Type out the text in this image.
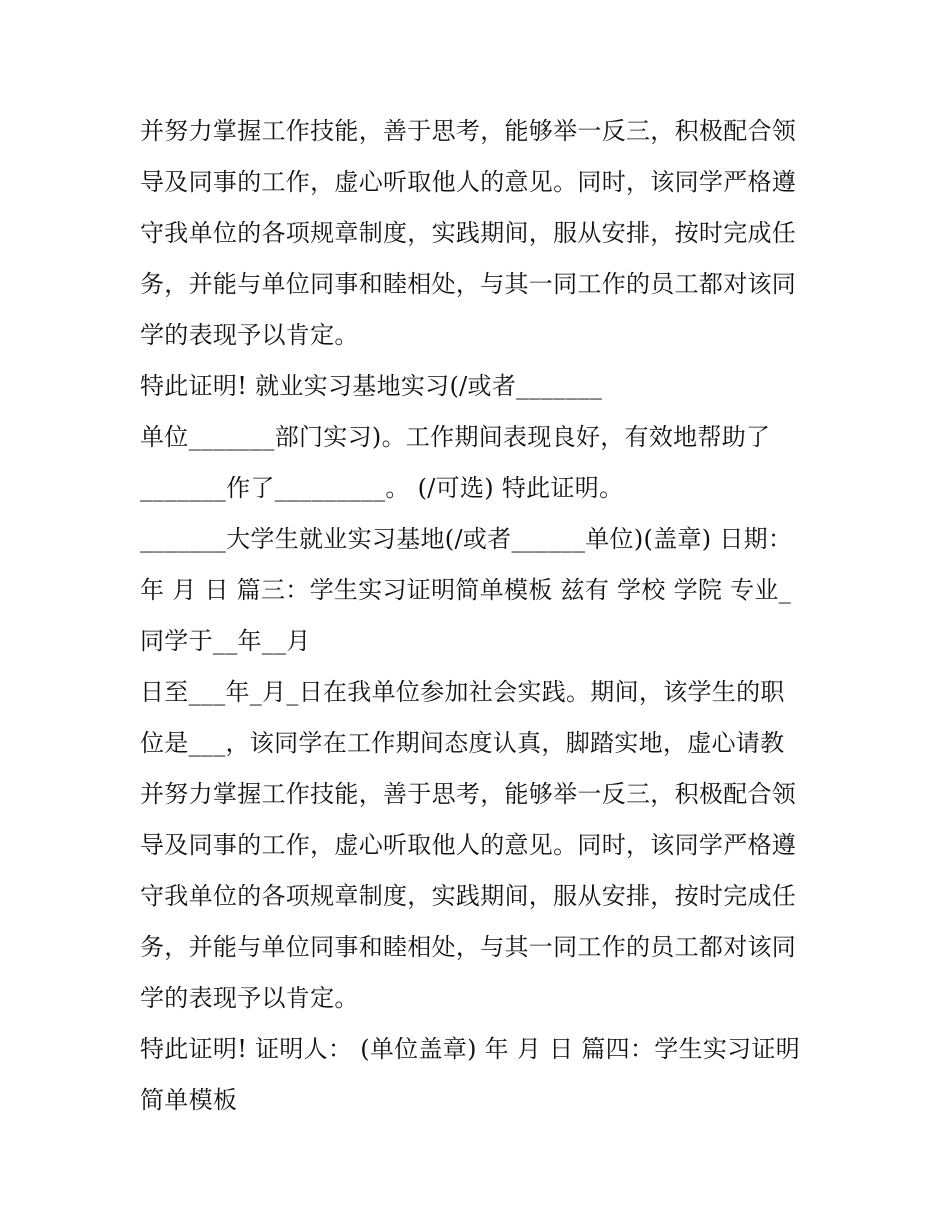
并努力掌握工作技能，善于思考，能够举一反三，积极配合领
导及同事的工作，虚心听取他人的意见。同时，该同学严格遵
守我单位的各项规章制度，实践期间，服从安排，按时完成任
务，并能与单位同事和睦相处，与其一同工作的员工都对该同
学的表现予以肯定。
特此证明! 就业实习基地实习(/或者_______
单位_______部门实习)。工作期间表现良好，有效地帮助了
_______作了_________。 (/可选) 特此证明。
_______大学生就业实习基地(/或者______单位)(盖章) 日期：
年 月 日 篇三：学生实习证明简单模板 兹有 学校 学院 专业_
同学于__年__月
日至___年_月_日在我单位参加社会实践。期间，该学生的职
位是___，该同学在工作期间态度认真，脚踏实地，虚心请教
并努力掌握工作技能，善于思考，能够举一反三，积极配合领
导及同事的工作，虚心听取他人的意见。同时，该同学严格遵
守我单位的各项规章制度，实践期间，服从安排，按时完成任
务，并能与单位同事和睦相处，与其一同工作的员工都对该同
学的表现予以肯定。
特此证明! 证明人： (单位盖章) 年 月 日 篇四：学生实习证明
简单模板
